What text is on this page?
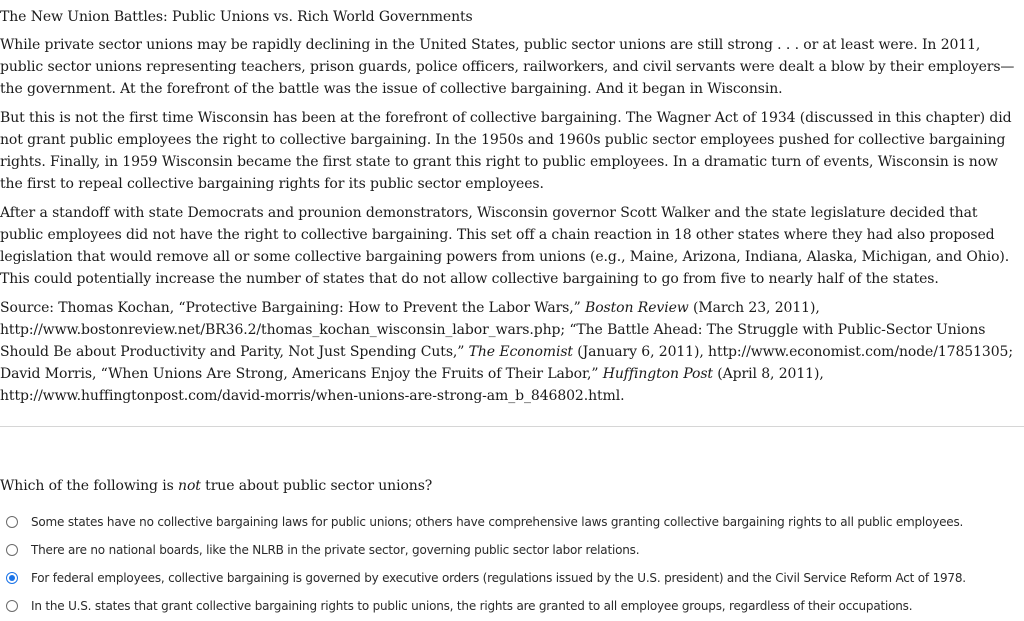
The New Union Battles: Public Unions vs. Rich World Governments

While private sector unions may be rapidly declining in the United States, public sector unions are still strong . . . or at least were. In 2011, public sector unions representing teachers, prison guards, police officers, railworkers, and civil servants were dealt a blow by their employers—the government. At the forefront of the battle was the issue of collective bargaining. And it began in Wisconsin.

But this is not the first time Wisconsin has been at the forefront of collective bargaining. The Wagner Act of 1934 (discussed in this chapter) did not grant public employees the right to collective bargaining. In the 1950s and 1960s public sector employees pushed for collective bargaining rights. Finally, in 1959 Wisconsin became the first state to grant this right to public employees. In a dramatic turn of events, Wisconsin is now the first to repeal collective bargaining rights for its public sector employees.

After a standoff with state Democrats and prounion demonstrators, Wisconsin governor Scott Walker and the state legislature decided that public employees did not have the right to collective bargaining. This set off a chain reaction in 18 other states where they had also proposed legislation that would remove all or some collective bargaining powers from unions (e.g., Maine, Arizona, Indiana, Alaska, Michigan, and Ohio). This could potentially increase the number of states that do not allow collective bargaining to go from five to nearly half of the states.

Source: Thomas Kochan, “Protective Bargaining: How to Prevent the Labor Wars,” Boston Review (March 23, 2011), http://www.bostonreview.net/BR36.2/thomas_kochan_wisconsin_labor_wars.php; “The Battle Ahead: The Struggle with Public-Sector Unions Should Be about Productivity and Parity, Not Just Spending Cuts,” The Economist (January 6, 2011), http://www.economist.com/node/17851305; David Morris, “When Unions Are Strong, Americans Enjoy the Fruits of Their Labor,” Huffington Post (April 8, 2011), http://www.huffingtonpost.com/david-morris/when-unions-are-strong-am_b_846802.html.

Which of the following is not true about public sector unions?
Some states have no collective bargaining laws for public unions; others have comprehensive laws granting collective bargaining rights to all public employees.
There are no national boards, like the NLRB in the private sector, governing public sector labor relations.
For federal employees, collective bargaining is governed by executive orders (regulations issued by the U.S. president) and the Civil Service Reform Act of 1978.
In the U.S. states that grant collective bargaining rights to public unions, the rights are granted to all employee groups, regardless of their occupations.
